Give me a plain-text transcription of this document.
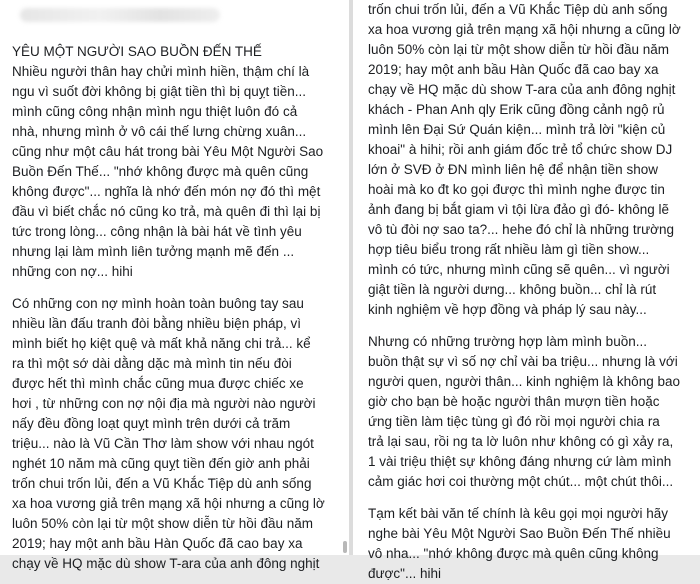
YÊU MỘT NGƯỜI SAO BUỒN ĐẾN THẾ
Nhiều người thân hay chửi mình hiền, thậm chí là
ngu vì suốt đời không bị giật tiền thì bị quỵt tiền...
mình cũng công nhận mình ngu thiệt luôn đó cả
nhà, nhưng mình ở vô cái thế lưng chừng xuân...
cũng như một câu hát trong bài Yêu Một Người Sao
Buồn Đến Thế... "nhớ không được mà quên cũng
không được"... nghĩa là nhớ đến món nợ đó thì mệt
đầu vì biết chắc nó cũng ko trả, mà quên đi thì lại bị
tức trong lòng... công nhận là bài hát về tình yêu
nhưng lại làm mình liên tưởng mạnh mẽ đến ...
những con nợ... hihi
Có những con nợ mình hoàn toàn buông tay sau
nhiều lần đấu tranh đòi bằng nhiều biện pháp, vì
mình biết họ kiệt quệ và mất khả năng chi trả... kể
ra thì một sớ dài dằng dặc mà mình tin nếu đòi
được hết thì mình chắc cũng mua được chiếc xe
hơi , từ những con nợ nội địa mà người nào người
nấy đều đồng loạt quỵt mình trên dưới cả trăm
triệu... nào là Vũ Cần Thơ làm show với nhau ngót
nghét 10 năm mà cũng quỵt tiền đến giờ anh phải
trốn chui trốn lủi, đến a Vũ Khắc Tiệp dù anh sống
xa hoa vương giả trên mạng xã hội nhưng a cũng lờ
luôn 50% còn lại từ một show diễn từ hồi đầu năm
2019; hay một anh bầu Hàn Quốc đã cao bay xa
chạy về HQ mặc dù show T-ara của anh đông nghịt
trốn chui trốn lủi, đến a Vũ Khắc Tiệp dù anh sống
xa hoa vương giả trên mạng xã hội nhưng a cũng lờ
luôn 50% còn lại từ một show diễn từ hồi đầu năm
2019; hay một anh bầu Hàn Quốc đã cao bay xa
chạy về HQ mặc dù show T-ara của anh đông nghịt
khách - Phan Anh qly Erik cũng đồng cảnh ngộ rủ
mình lên Đại Sứ Quán kiện... mình trả lời "kiện củ
khoai" à hihi; rồi anh giám đốc trẻ tổ chức show DJ
lớn ở SVĐ ở ĐN mình liên hệ để nhận tiền show
hoài mà ko đt ko gọi được thì mình nghe được tin
ảnh đang bị bắt giam vì tội lừa đảo gì đó- không lẽ
vô tù đòi nợ sao ta?... hehe đó chỉ là những trường
hợp tiêu biểu trong rất nhiều làm gì tiền show...
mình có tức, nhưng mình cũng sẽ quên... vì người
giật tiền là người dưng... không buồn... chỉ là rút
kinh nghiệm về hợp đồng và pháp lý sau này...
Nhưng có những trường hợp làm mình buồn...
buồn thật sự vì số nợ chỉ vài ba triệu... nhưng là với
người quen, người thân... kinh nghiệm là không bao
giờ cho bạn bè hoặc người thân mượn tiền hoặc
ứng tiền làm tiệc tùng gì đó rồi mọi người chia ra
trả lại sau, rồi ng ta lờ luôn như không có gì xảy ra,
1 vài triệu thiệt sự không đáng nhưng cứ làm mình
cảm giác hơi coi thường một chút... một chút thôi...
Tạm kết bài văn tế chính là kêu gọi mọi người hãy
nghe bài Yêu Một Người Sao Buồn Đến Thế nhiều
vô nha... "nhớ không được mà quên cũng không
được"... hihi
